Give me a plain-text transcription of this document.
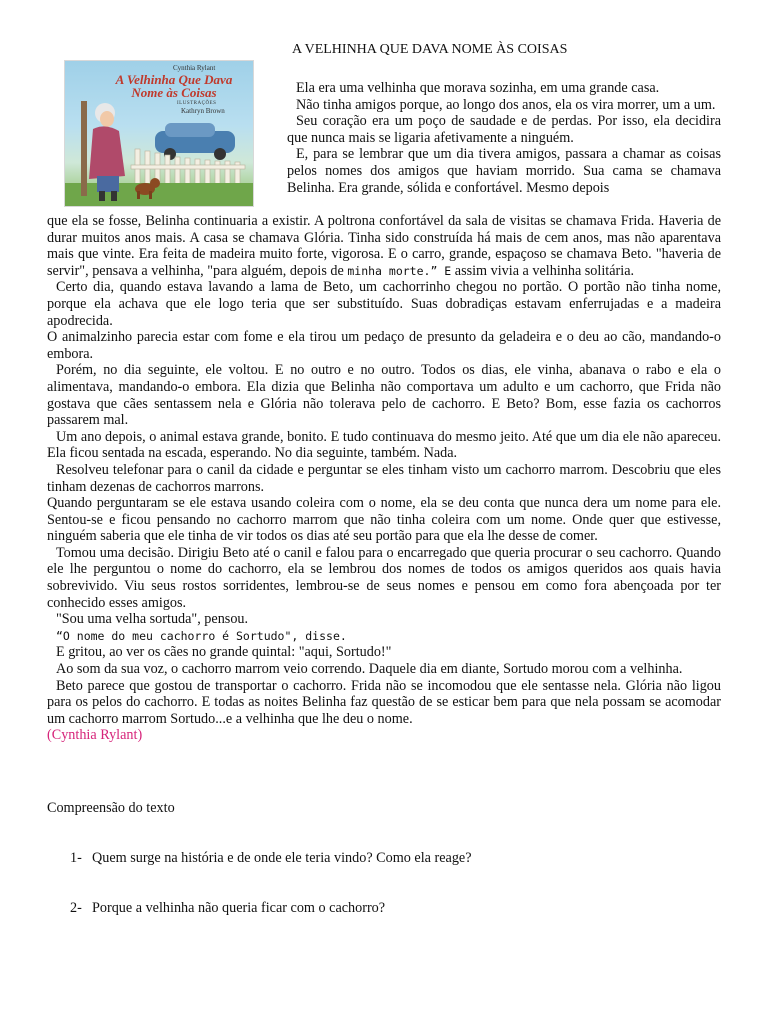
Cynthia Rylant
A Velhinha Que Dava
Nome às Coisas
ILUSTRAÇÕES
Kathryn Brown
A VELHINHA QUE DAVA NOME ÀS COISAS

Ela era uma velhinha que morava sozinha, em uma grande casa.

Não tinha amigos porque, ao longo dos anos, ela os vira morrer, um a um.

Seu coração era um poço de saudade e de perdas. Por isso, ela decidira que nunca mais se ligaria afetivamente a ninguém.

E, para se lembrar que um dia tivera amigos, passara a chamar as coisas pelos nomes dos amigos que haviam morrido. Sua cama se chamava Belinha. Era grande, sólida e confortável. Mesmo depois

que ela se fosse, Belinha continuaria a existir. A poltrona confortável da sala de visitas se chamava Frida. Haveria de durar muitos anos mais. A casa se chamava Glória. Tinha sido construída há mais de cem anos, mas não aparentava mais que vinte. Era feita de madeira muito forte, vigorosa. E o carro, grande, espaçoso se chamava Beto. "haveria de servir", pensava a velhinha, "para alguém, depois de minha morte.” E assim vivia a velhinha solitária.

Certo dia, quando estava lavando a lama de Beto, um cachorrinho chegou no portão. O portão não tinha nome, porque ela achava que ele logo teria que ser substituído. Suas dobradiças estavam enferrujadas e a madeira apodrecida.

O animalzinho parecia estar com fome e ela tirou um pedaço de presunto da geladeira e o deu ao cão, mandando-o embora.

Porém, no dia seguinte, ele voltou. E no outro e no outro. Todos os dias, ele vinha, abanava o rabo e ela o alimentava, mandando-o embora. Ela dizia que Belinha não comportava um adulto e um cachorro, que Frida não gostava que cães sentassem nela e Glória não tolerava pelo de cachorro. E Beto? Bom, esse fazia os cachorros passarem mal.

Um ano depois, o animal estava grande, bonito. E tudo continuava do mesmo jeito. Até que um dia ele não apareceu. Ela ficou sentada na escada, esperando. No dia seguinte, também. Nada.

Resolveu telefonar para o canil da cidade e perguntar se eles tinham visto um cachorro marrom. Descobriu que eles tinham dezenas de cachorros marrons.

Quando perguntaram se ele estava usando coleira com o nome, ela se deu conta que nunca dera um nome para ele. Sentou-se e ficou pensando no cachorro marrom que não tinha coleira com um nome. Onde quer que estivesse, ninguém saberia que ele tinha de vir todos os dias até seu portão para que ela lhe desse de comer.

Tomou uma decisão. Dirigiu Beto até o canil e falou para o encarregado que queria procurar o seu cachorro. Quando ele lhe perguntou o nome do cachorro, ela se lembrou dos nomes de todos os amigos queridos aos quais havia sobrevivido. Viu seus rostos sorridentes, lembrou-se de seus nomes e pensou em como fora abençoada por ter conhecido esses amigos.

"Sou uma velha sortuda", pensou.

“O nome do meu cachorro é Sortudo", disse.

E gritou, ao ver os cães no grande quintal: "aqui, Sortudo!"

Ao som da sua voz, o cachorro marrom veio correndo. Daquele dia em diante, Sortudo morou com a velhinha.

Beto parece que gostou de transportar o cachorro. Frida não se incomodou que ele sentasse nela. Glória não ligou para os pelos do cachorro. E todas as noites Belinha faz questão de se esticar bem para que nela possam se acomodar um cachorro marrom Sortudo...e a velhinha que lhe deu o nome.

(Cynthia Rylant)

Compreensão do texto
1- Quem surge na história e de onde ele teria vindo? Como ela reage?
2- Porque a velhinha não queria ficar com o cachorro?
